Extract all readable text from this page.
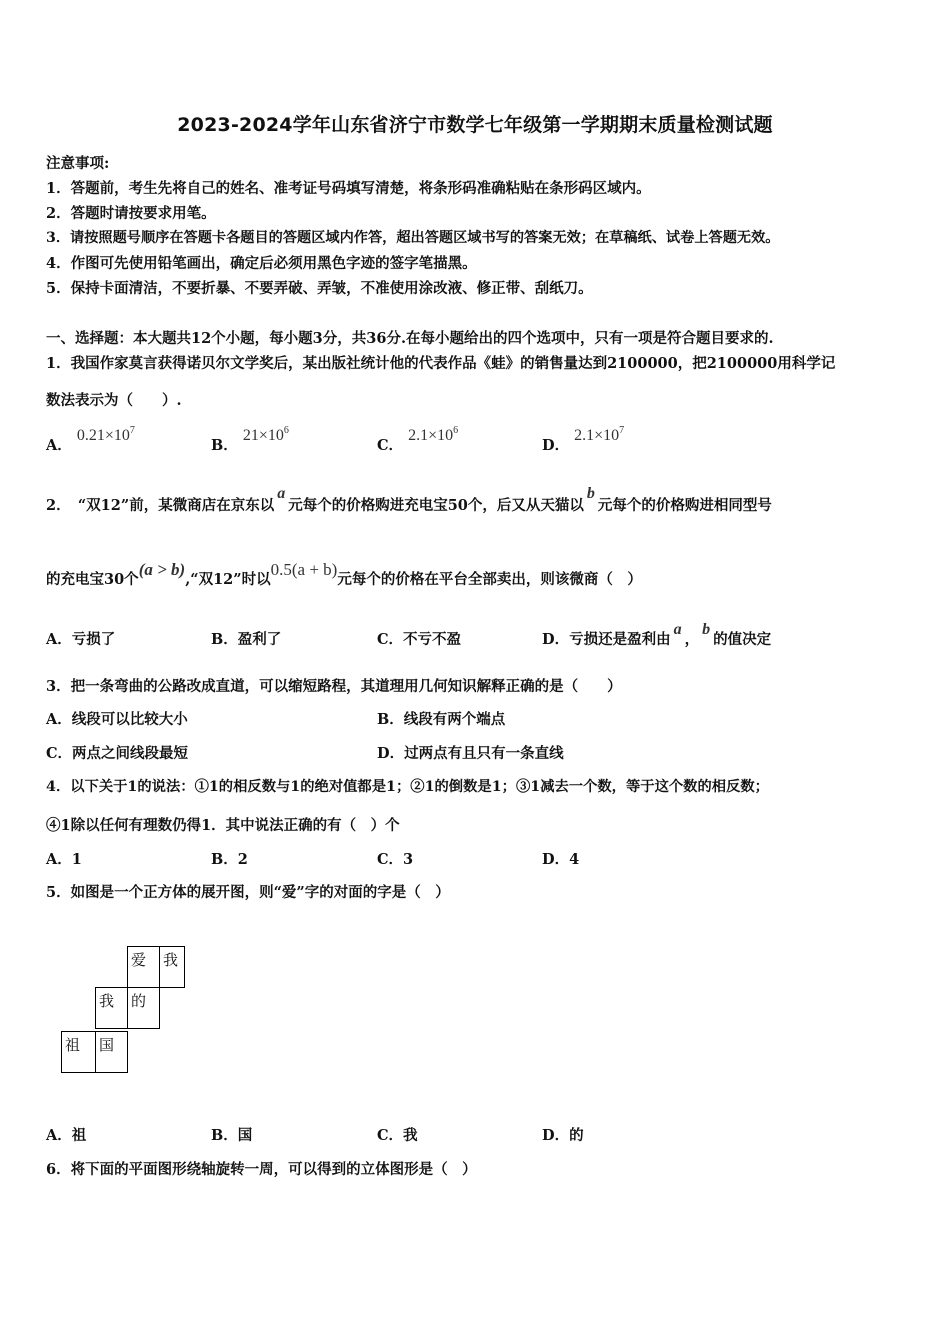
2023-2024学年山东省济宁市数学七年级第一学期期末质量检测试题
注意事项:
1．答题前，考生先将自己的姓名、准考证号码填写清楚，将条形码准确粘贴在条形码区域内。
2．答题时请按要求用笔。
3．请按照题号顺序在答题卡各题目的答题区域内作答，超出答题区域书写的答案无效；在草稿纸、试卷上答题无效。
4．作图可先使用铅笔画出，确定后必须用黑色字迹的签字笔描黑。
5．保持卡面清洁，不要折暴、不要弄破、弄皱，不准使用涂改液、修正带、刮纸刀。
一、选择题：本大题共12个小题，每小题3分，共36分.在每小题给出的四个选项中，只有一项是符合题目要求的.
1．我国作家莫言获得诺贝尔文学奖后，某出版社统计他的代表作品《蛙》的销售量达到2100000，把2100000用科学记
数法表示为（　　）.
A． $0.21\times 10^7$
B． $21\times 10^6$
C． $2.1\times 10^6$
D． $2.1\times 10^7$
2．　“双12”前，某微商店在京东以a元每个的价格购进充电宝50个，后又从天猫以b元每个的价格购进相同型号
的充电宝30个(a > b),“双12”时以0.5(a + b)元每个的价格在平台全部卖出，则该微商（　）
A．亏损了	B．盈利了	C．不亏不盈	D．亏损还是盈利由a，b的值决定
3．把一条弯曲的公路改成直道，可以缩短路程，其道理用几何知识解释正确的是（　　）
A．线段可以比较大小	B．线段有两个端点
C．两点之间线段最短	D．过两点有且只有一条直线
4．以下关于1的说法：①1的相反数与1的绝对值都是1；②1的倒数是1；③1减去一个数，等于这个数的相反数；
④1除以任何有理数仍得1．其中说法正确的有（　）个
A．1	B．2	C．3	D．4
5．如图是一个正方体的展开图，则“爱”字的对面的字是（　）
爱 我
我 的
祖 国
A．祖	B．国	C．我	D．的
6．将下面的平面图形绕轴旋转一周，可以得到的立体图形是（　）
